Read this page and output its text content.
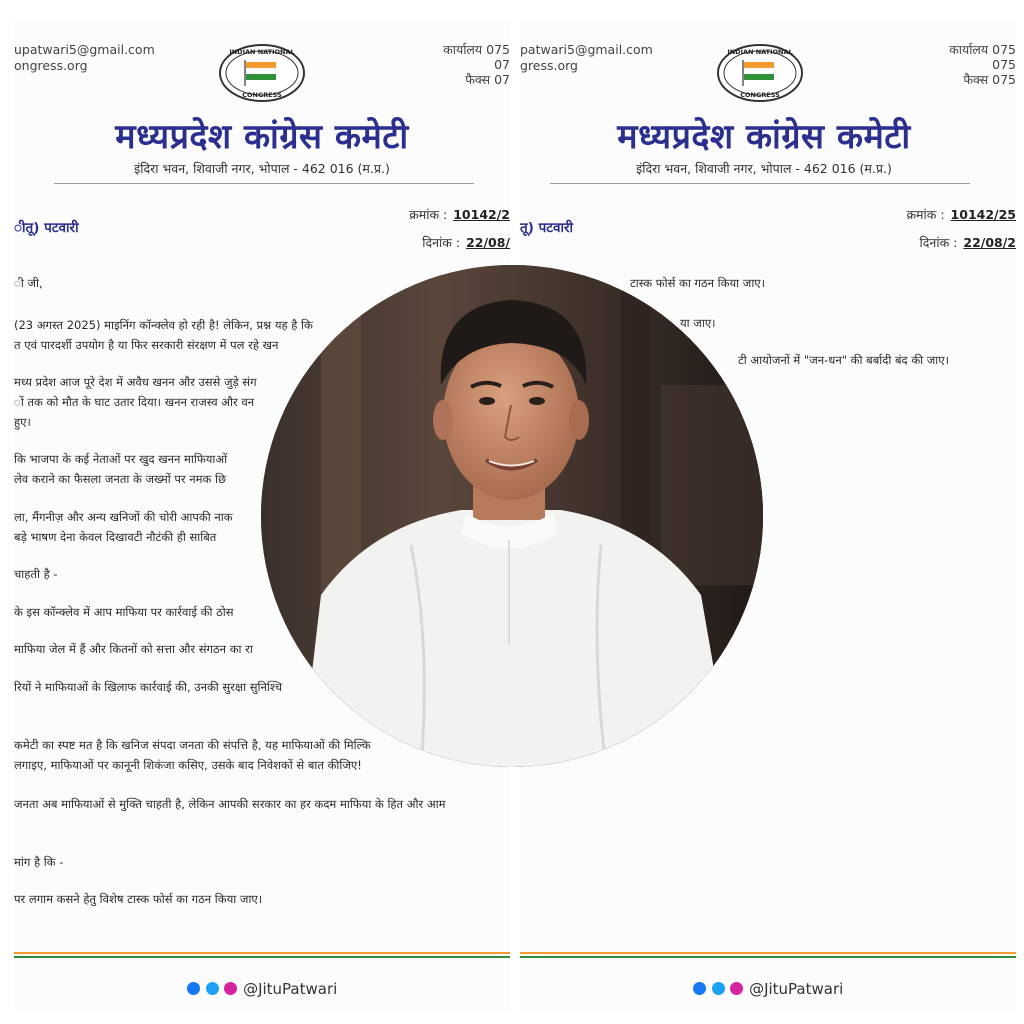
upatwari5@gmail.com
ongress.org
INDIAN NATIONAL
CONGRESS
कार्यालय 075
07
फैक्स 07
मध्यप्रदेश कांग्रेस कमेटी
इंदिरा भवन, शिवाजी नगर, भोपाल - 462 016 (म.प्र.)
ीतू) पटवारी
क्रमांक : 10142/2
दिनांक : 22/08/
ी जी,
(23 अगस्त 2025) माइनिंग कॉन्क्लेव हो रही है! लेकिन, प्रश्न यह है कि
त एवं पारदर्शी उपयोग है या फिर सरकारी संरक्षण में पल रहे खन
मध्य प्रदेश आज पूरे देश में अवैध खनन और उससे जुड़े संग
ों तक को मौत के घाट उतार दिया। खनन राजस्व और वन
हुए।
कि भाजपा के कई नेताओं पर खुद खनन माफियाओं
लेव कराने का फैसला जनता के जख्मों पर नमक छि
ला, मैंगनीज़ और अन्य खनिजों की चोरी आपकी नाक
बड़े भाषण देना केवल दिखावटी नौटंकी ही साबित
चाहती है -
के इस कॉन्क्लेव में आप माफिया पर कार्रवाई की ठोस
माफिया जेल में हैं और कितनों को सत्ता और संगठन का रा
रियों ने माफियाओं के खिलाफ कार्रवाई की, उनकी सुरक्षा सुनिश्चि
कमेटी का स्पष्ट मत है कि खनिज संपदा जनता की संपत्ति है, यह माफियाओं की मिल्कि
लगाइए, माफियाओं पर कानूनी शिकंजा कसिए, उसके बाद निवेशकों से बात कीजिए!
जनता अब माफियाओं से मुक्ति चाहती है, लेकिन आपकी सरकार का हर कदम माफिया के हित और आम
मांग है कि -
पर लगाम कसने हेतु विशेष टास्क फोर्स का गठन किया जाए।
@JituPatwari
patwari5@gmail.com
gress.org
INDIAN NATIONAL
CONGRESS
कार्यालय 075
075
फैक्स 075
मध्यप्रदेश कांग्रेस कमेटी
इंदिरा भवन, शिवाजी नगर, भोपाल - 462 016 (म.प्र.)
तू) पटवारी
क्रमांक : 10142/25
दिनांक : 22/08/2
टास्क फोर्स का गठन किया जाए।
या जाए।
टी आयोजनों में "जन-धन" की बर्बादी बंद की जाए।
@JituPatwari
